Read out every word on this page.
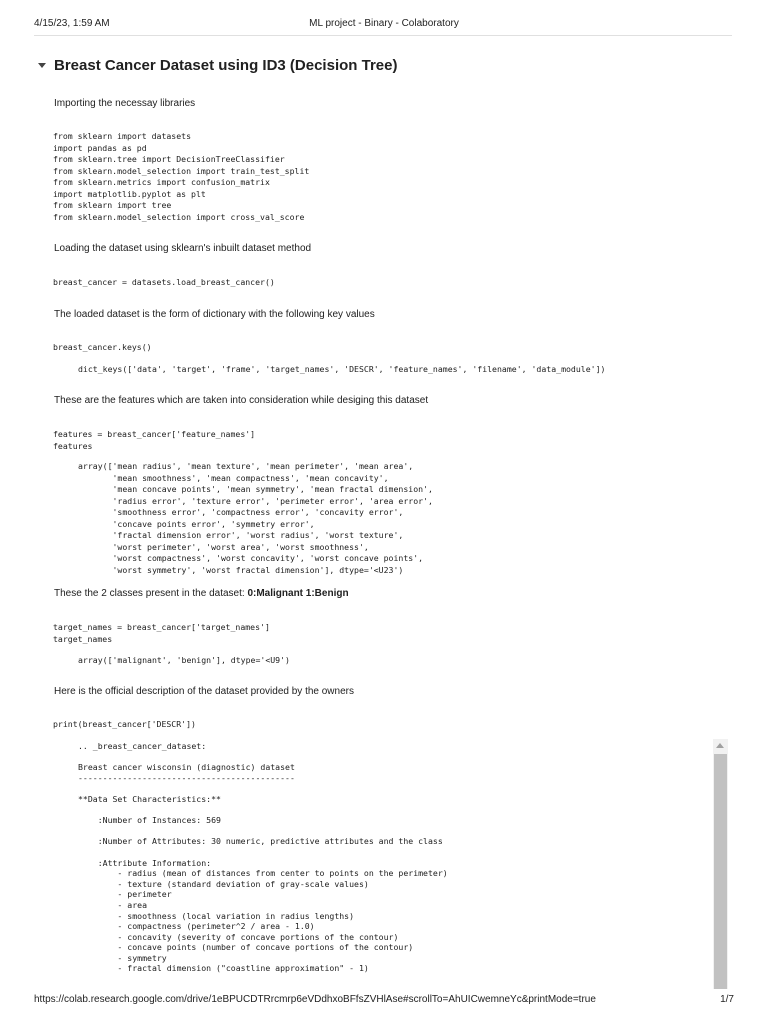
4/15/23, 1:59 AM	ML project - Binary - Colaboratory
Breast Cancer Dataset using ID3 (Decision Tree)
Importing the necessay libraries
from sklearn import datasets
import pandas as pd
from sklearn.tree import DecisionTreeClassifier
from sklearn.model_selection import train_test_split
from sklearn.metrics import confusion_matrix
import matplotlib.pyplot as plt
from sklearn import tree
from sklearn.model_selection import cross_val_score
Loading the dataset using sklearn's inbuilt dataset method
breast_cancer = datasets.load_breast_cancer()
The loaded dataset is the form of dictionary with the following key values
breast_cancer.keys()
dict_keys(['data', 'target', 'frame', 'target_names', 'DESCR', 'feature_names', 'filename', 'data_module'])
These are the features which are taken into consideration while desiging this dataset
features = breast_cancer['feature_names']
features
array(['mean radius', 'mean texture', 'mean perimeter', 'mean area',
'mean smoothness', 'mean compactness', 'mean concavity',
'mean concave points', 'mean symmetry', 'mean fractal dimension',
'radius error', 'texture error', 'perimeter error', 'area error',
'smoothness error', 'compactness error', 'concavity error',
'concave points error', 'symmetry error',
'fractal dimension error', 'worst radius', 'worst texture',
'worst perimeter', 'worst area', 'worst smoothness',
'worst compactness', 'worst concavity', 'worst concave points',
'worst symmetry', 'worst fractal dimension'], dtype='<U23')
These the 2 classes present in the dataset: 0:Malignant 1:Benign
target_names = breast_cancer['target_names']
target_names
array(['malignant', 'benign'], dtype='<U9')
Here is the official description of the dataset provided by the owners
print(breast_cancer['DESCR'])
.. _breast_cancer_dataset:

Breast cancer wisconsin (diagnostic) dataset
--------------------------------------------

**Data Set Characteristics:**

:Number of Instances: 569

:Number of Attributes: 30 numeric, predictive attributes and the class

:Attribute Information:
- radius (mean of distances from center to points on the perimeter)
- texture (standard deviation of gray-scale values)
- perimeter
- area
- smoothness (local variation in radius lengths)
- compactness (perimeter^2 / area - 1.0)
- concavity (severity of concave portions of the contour)
- concave points (number of concave portions of the contour)
- symmetry
- fractal dimension ("coastline approximation" - 1)
https://colab.research.google.com/drive/1eBPUCDTRrcmrp6eVDdhxoBFfsZVHlAse#scrollTo=AhUICwemneYc&printMode=true	1/7
